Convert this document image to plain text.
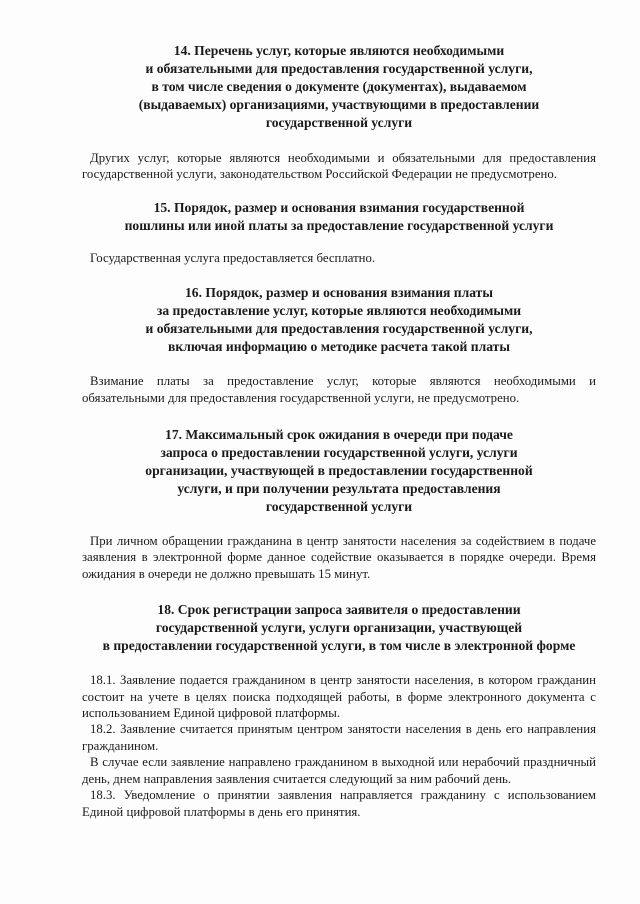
14. Перечень услуг, которые являются необходимыми
и обязательными для предоставления государственной услуги,
в том числе сведения о документе (документах), выдаваемом
(выдаваемых) организациями, участвующими в предоставлении
государственной услуги

Других услуг, которые являются необходимыми и обязательными для предоставления государственной услуги, законодательством Российской Федерации не предусмотрено.

15. Порядок, размер и основания взимания государственной
пошлины или иной платы за предоставление государственной услуги

Государственная услуга предоставляется бесплатно.

16. Порядок, размер и основания взимания платы
за предоставление услуг, которые являются необходимыми
и обязательными для предоставления государственной услуги,
включая информацию о методике расчета такой платы

Взимание платы за предоставление услуг, которые являются необходимыми и обязательными для предоставления государственной услуги, не предусмотрено.

17. Максимальный срок ожидания в очереди при подаче
запроса о предоставлении государственной услуги, услуги
организации, участвующей в предоставлении государственной
услуги, и при получении результата предоставления
государственной услуги

При личном обращении гражданина в центр занятости населения за содействием в подаче заявления в электронной форме данное содействие оказывается в порядке очереди. Время ожидания в очереди не должно превышать 15 минут.

18. Срок регистрации запроса заявителя о предоставлении
государственной услуги, услуги организации, участвующей
в предоставлении государственной услуги, в том числе в электронной форме

18.1. Заявление подается гражданином в центр занятости населения, в котором гражданин состоит на учете в целях поиска подходящей работы, в форме электронного документа с использованием Единой цифровой платформы.

18.2. Заявление считается принятым центром занятости населения в день его направления гражданином.

В случае если заявление направлено гражданином в выходной или нерабочий праздничный день, днем направления заявления считается следующий за ним рабочий день.

18.3. Уведомление о принятии заявления направляется гражданину с использованием Единой цифровой платформы в день его принятия.
